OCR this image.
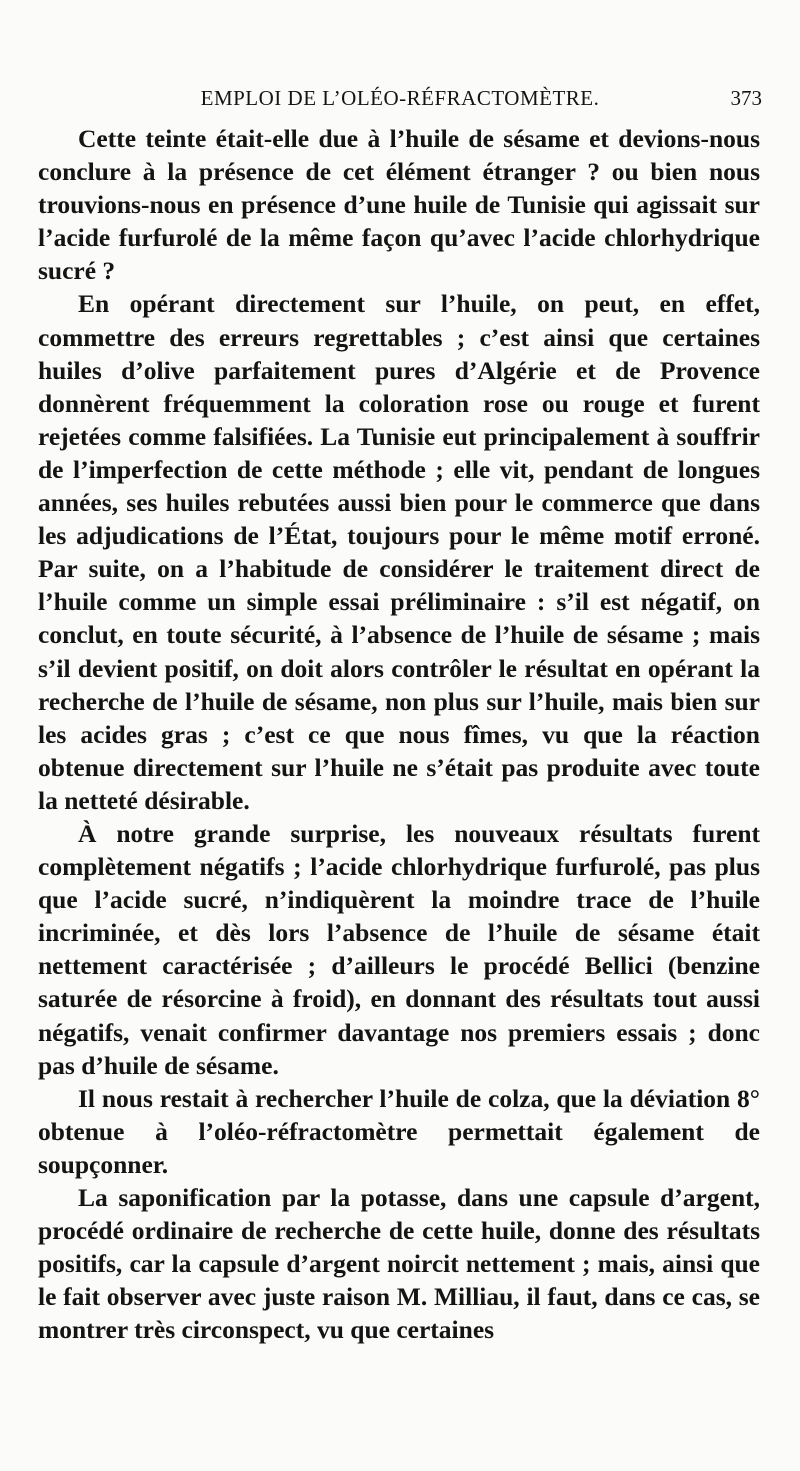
EMPLOI DE L’OLÉO-RÉFRACTOMÈTRE.	373

Cette teinte était-elle due à l’huile de sésame et devions-nous conclure à la présence de cet élément étranger ? ou bien nous trouvions-nous en présence d’une huile de Tunisie qui agissait sur l’acide furfurolé de la même façon qu’avec l’acide chlorhydrique sucré ?

En opérant directement sur l’huile, on peut, en effet, commettre des erreurs regrettables ; c’est ainsi que certaines huiles d’olive parfaitement pures d’Algérie et de Provence donnèrent fréquemment la coloration rose ou rouge et furent rejetées comme falsifiées. La Tunisie eut principalement à souffrir de l’imperfection de cette méthode ; elle vit, pendant de longues années, ses huiles rebutées aussi bien pour le commerce que dans les adjudications de l’État, toujours pour le même motif erroné. Par suite, on a l’habitude de considérer le traitement direct de l’huile comme un simple essai préliminaire : s’il est négatif, on conclut, en toute sécurité, à l’absence de l’huile de sésame ; mais s’il devient positif, on doit alors contrôler le résultat en opérant la recherche de l’huile de sésame, non plus sur l’huile, mais bien sur les acides gras ; c’est ce que nous fîmes, vu que la réaction obtenue directement sur l’huile ne s’était pas produite avec toute la netteté désirable.

À notre grande surprise, les nouveaux résultats furent complètement négatifs ; l’acide chlorhydrique furfurolé, pas plus que l’acide sucré, n’indiquèrent la moindre trace de l’huile incriminée, et dès lors l’absence de l’huile de sésame était nettement caractérisée ; d’ailleurs le procédé Bellici (benzine saturée de résorcine à froid), en donnant des résultats tout aussi négatifs, venait confirmer davantage nos premiers essais ; donc pas d’huile de sésame.

Il nous restait à rechercher l’huile de colza, que la déviation 8° obtenue à l’oléo-réfractomètre permettait également de soupçonner.

La saponification par la potasse, dans une capsule d’argent, procédé ordinaire de recherche de cette huile, donne des résultats positifs, car la capsule d’argent noircit nettement ; mais, ainsi que le fait observer avec juste raison M. Milliau, il faut, dans ce cas, se montrer très circonspect, vu que certaines
